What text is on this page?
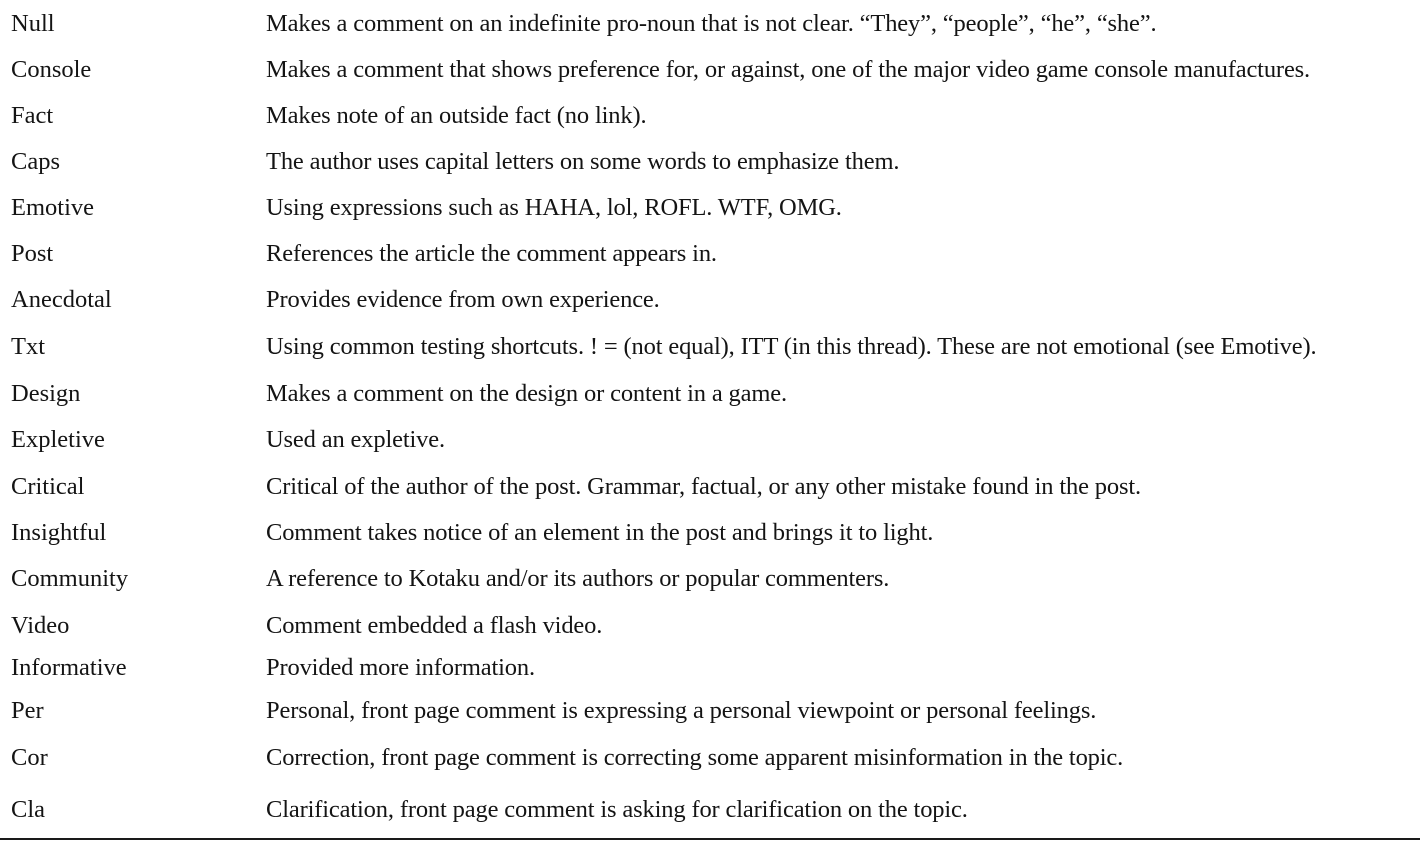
Null	Makes a comment on an indefinite pro-noun that is not clear. “They”, “people”, “he”, “she”.
Console	Makes a comment that shows preference for, or against, one of the major video game console manufactures.
Fact	Makes note of an outside fact (no link).
Caps	The author uses capital letters on some words to emphasize them.
Emotive	Using expressions such as HAHA, lol, ROFL. WTF, OMG.
Post	References the article the comment appears in.
Anecdotal	Provides evidence from own experience.
Txt	Using common testing shortcuts. ! = (not equal), ITT (in this thread). These are not emotional (see Emotive).
Design	Makes a comment on the design or content in a game.
Expletive	Used an expletive.
Critical	Critical of the author of the post. Grammar, factual, or any other mistake found in the post.
Insightful	Comment takes notice of an element in the post and brings it to light.
Community	A reference to Kotaku and/or its authors or popular commenters.
Video	Comment embedded a flash video.
Informative	Provided more information.
Per	Personal, front page comment is expressing a personal viewpoint or personal feelings.
Cor	Correction, front page comment is correcting some apparent misinformation in the topic.
Cla	Clarification, front page comment is asking for clarification on the topic.
